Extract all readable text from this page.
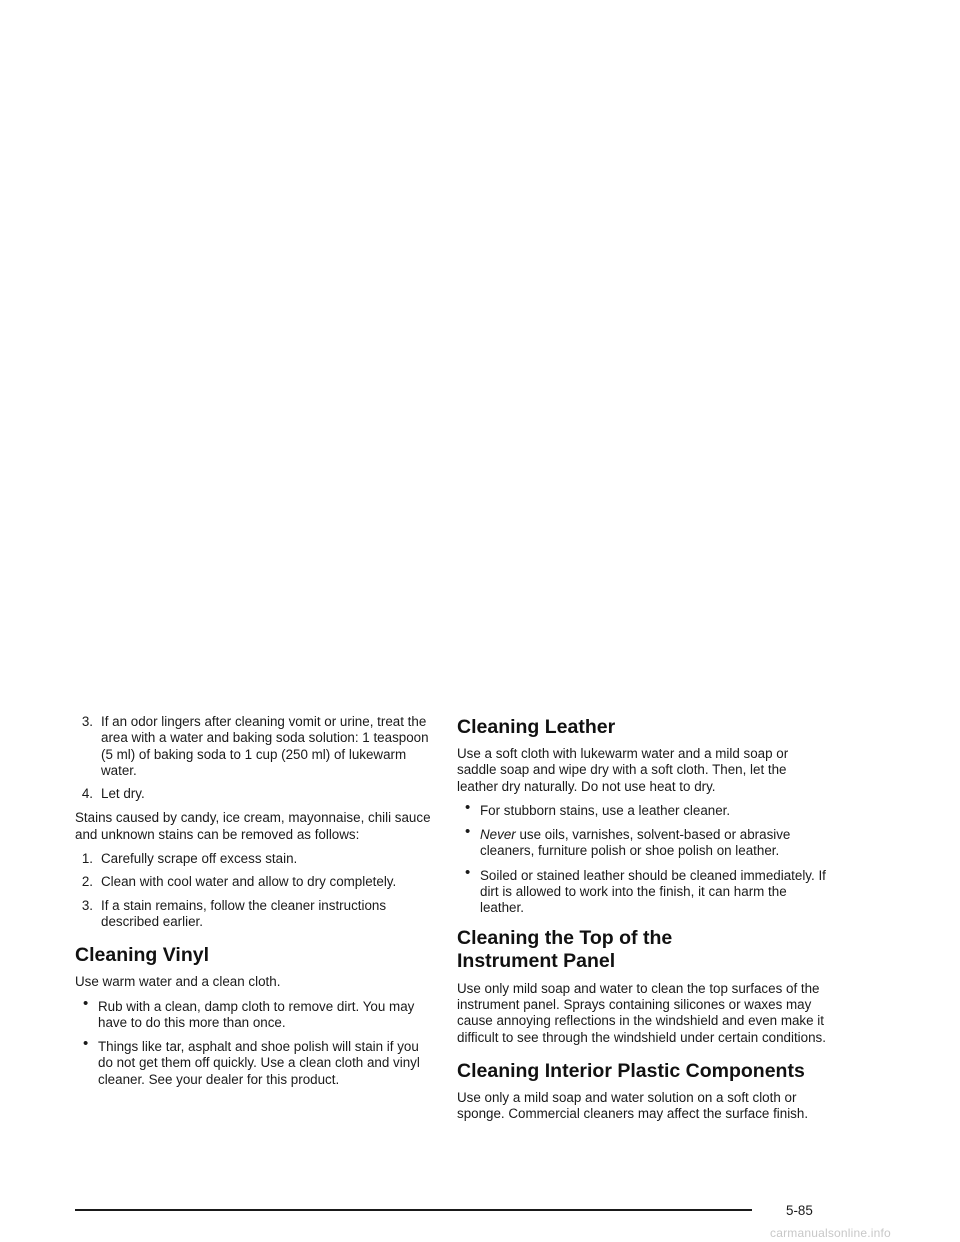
3. If an odor lingers after cleaning vomit or urine, treat the area with a water and baking soda solution: 1 teaspoon (5 ml) of baking soda to 1 cup (250 ml) of lukewarm water.
4. Let dry.

Stains caused by candy, ice cream, mayonnaise, chili sauce and unknown stains can be removed as follows:

1. Carefully scrape off excess stain.
2. Clean with cool water and allow to dry completely.
3. If a stain remains, follow the cleaner instructions described earlier.
Cleaning Vinyl

Use warm water and a clean cloth.

• Rub with a clean, damp cloth to remove dirt. You may have to do this more than once.
• Things like tar, asphalt and shoe polish will stain if you do not get them off quickly. Use a clean cloth and vinyl cleaner. See your dealer for this product.
Cleaning Leather

Use a soft cloth with lukewarm water and a mild soap or saddle soap and wipe dry with a soft cloth. Then, let the leather dry naturally. Do not use heat to dry.

• For stubborn stains, use a leather cleaner.
• Never use oils, varnishes, solvent-based or abrasive cleaners, furniture polish or shoe polish on leather.
• Soiled or stained leather should be cleaned immediately. If dirt is allowed to work into the finish, it can harm the leather.
Cleaning the Top of the
Instrument Panel

Use only mild soap and water to clean the top surfaces of the instrument panel. Sprays containing silicones or waxes may cause annoying reflections in the windshield and even make it difficult to see through the windshield under certain conditions.

Cleaning Interior Plastic Components

Use only a mild soap and water solution on a soft cloth or sponge. Commercial cleaners may affect the surface finish.

5-85
carmanualsonline.info
